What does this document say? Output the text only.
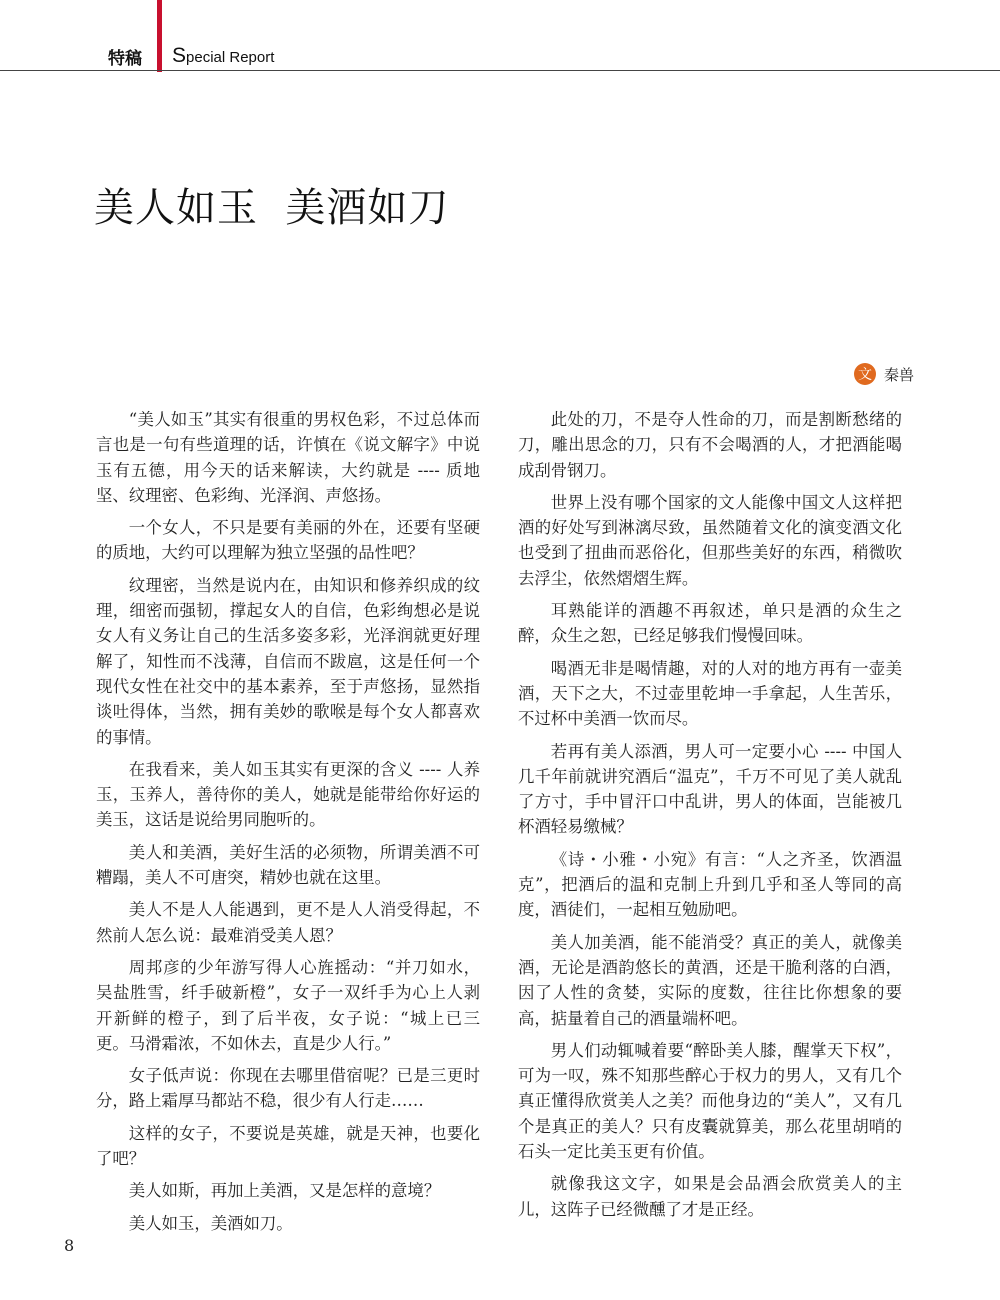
特稿 Special Report
美人如玉  美酒如刀
文 秦兽

“美人如玉”其实有很重的男权色彩，不过总体而言也是一句有些道理的话，许慎在《说文解字》中说玉有五德，用今天的话来解读，大约就是 ---- 质地坚、纹理密、色彩绚、光泽润、声悠扬。

一个女人，不只是要有美丽的外在，还要有坚硬的质地，大约可以理解为独立坚强的品性吧？

纹理密，当然是说内在，由知识和修养织成的纹理，细密而强韧，撑起女人的自信，色彩绚想必是说女人有义务让自己的生活多姿多彩，光泽润就更好理解了，知性而不浅薄，自信而不跋扈，这是任何一个现代女性在社交中的基本素养，至于声悠扬，显然指谈吐得体，当然，拥有美妙的歌喉是每个女人都喜欢的事情。

在我看来，美人如玉其实有更深的含义 ---- 人养玉，玉养人，善待你的美人，她就是能带给你好运的美玉，这话是说给男同胞听的。

美人和美酒，美好生活的必须物，所谓美酒不可糟蹋，美人不可唐突，精妙也就在这里。

美人不是人人能遇到，更不是人人消受得起，不然前人怎么说：最难消受美人恩？

周邦彦的少年游写得人心旌摇动：“并刀如水，吴盐胜雪，纤手破新橙”，女子一双纤手为心上人剥开新鲜的橙子，到了后半夜，女子说：“城上已三更。马滑霜浓，不如休去，直是少人行。”

女子低声说：你现在去哪里借宿呢？已是三更时分，路上霜厚马都站不稳，很少有人行走……

这样的女子，不要说是英雄，就是天神，也要化了吧？

美人如斯，再加上美酒，又是怎样的意境？

美人如玉，美酒如刀。

此处的刀，不是夺人性命的刀，而是割断愁绪的刀，雕出思念的刀，只有不会喝酒的人，才把酒能喝成刮骨钢刀。

世界上没有哪个国家的文人能像中国文人这样把酒的好处写到淋漓尽致，虽然随着文化的演变酒文化也受到了扭曲而恶俗化，但那些美好的东西，稍微吹去浮尘，依然熠熠生辉。

耳熟能详的酒趣不再叙述，单只是酒的众生之醉，众生之恕，已经足够我们慢慢回味。

喝酒无非是喝情趣，对的人对的地方再有一壶美酒，天下之大，不过壶里乾坤一手拿起，人生苦乐，不过杯中美酒一饮而尽。

若再有美人添酒，男人可一定要小心 ---- 中国人几千年前就讲究酒后“温克”，千万不可见了美人就乱了方寸，手中冒汗口中乱讲，男人的体面，岂能被几杯酒轻易缴械？

《诗・小雅・小宛》有言：“人之齐圣，饮酒温克”，把酒后的温和克制上升到几乎和圣人等同的高度，酒徒们，一起相互勉励吧。

美人加美酒，能不能消受？真正的美人，就像美酒，无论是酒韵悠长的黄酒，还是干脆利落的白酒，因了人性的贪婪，实际的度数，往往比你想象的要高，掂量着自己的酒量端杯吧。

男人们动辄喊着要“醉卧美人膝，醒掌天下权”，可为一叹，殊不知那些醉心于权力的男人，又有几个真正懂得欣赏美人之美？而他身边的“美人”，又有几个是真正的美人？只有皮囊就算美，那么花里胡哨的石头一定比美玉更有价值。

就像我这文字，如果是会品酒会欣赏美人的主儿，这阵子已经微醺了才是正经。

8
